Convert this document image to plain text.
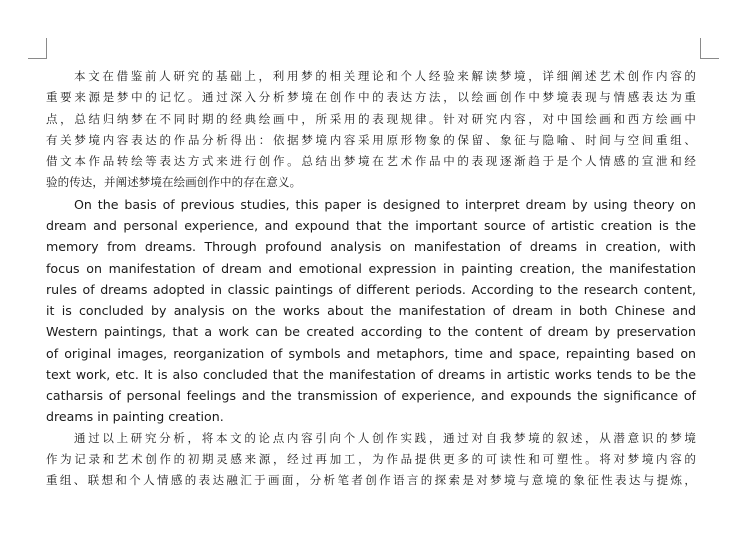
本文在借鉴前人研究的基础上，利用梦的相关理论和个人经验来解读梦境，详细阐述艺术创作内容的
重要来源是梦中的记忆。通过深入分析梦境在创作中的表达方法，以绘画创作中梦境表现与情感表达为重
点，总结归纳梦在不同时期的经典绘画中，所采用的表现规律。针对研究内容，对中国绘画和西方绘画中
有关梦境内容表达的作品分析得出：依据梦境内容采用原形物象的保留、象征与隐喻、时间与空间重组、
借文本作品转绘等表达方式来进行创作。总结出梦境在艺术作品中的表现逐渐趋于是个人情感的宣泄和经
验的传达，并阐述梦境在绘画创作中的存在意义。

On the basis of previous studies, this paper is designed to interpret dream by using theory on
dream and personal experience, and expound that the important source of artistic creation is the
memory from dreams. Through profound analysis on manifestation of dreams in creation, with
focus on manifestation of dream and emotional expression in painting creation, the manifestation
rules of dreams adopted in classic paintings of different periods. According to the research content,
it is concluded by analysis on the works about the manifestation of dream in both Chinese and
Western paintings, that a work can be created according to the content of dream by preservation
of original images, reorganization of symbols and metaphors, time and space, repainting based on
text work, etc. It is also concluded that the manifestation of dreams in artistic works tends to be the
catharsis of personal feelings and the transmission of experience, and expounds the significance of
dreams in painting creation.

通过以上研究分析，将本文的论点内容引向个人创作实践，通过对自我梦境的叙述，从潜意识的梦境
作为记录和艺术创作的初期灵感来源，经过再加工，为作品提供更多的可读性和可塑性。将对梦境内容的
重组、联想和个人情感的表达融汇于画面，分析笔者创作语言的探索是对梦境与意境的象征性表达与提炼，
